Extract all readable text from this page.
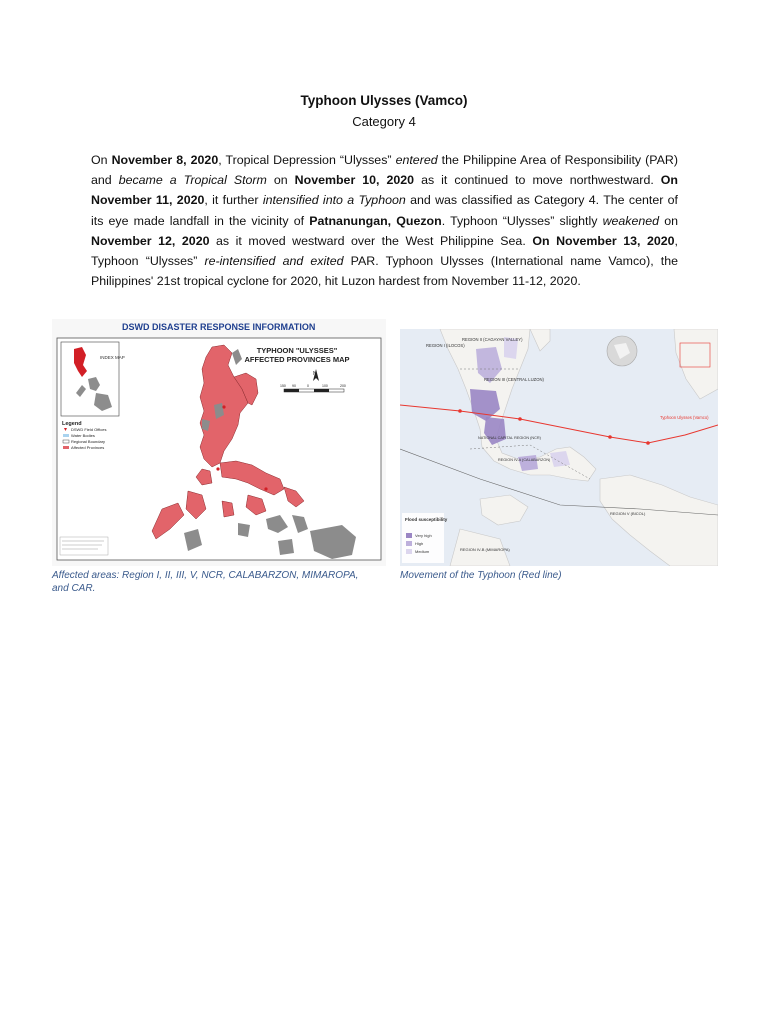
Typhoon Ulysses (Vamco)
Category 4

On November 8, 2020, Tropical Depression “Ulysses” entered the Philippine Area of Responsibility (PAR) and became a Tropical Storm on November 10, 2020 as it continued to move northwestward. On November 11, 2020, it further intensified into a Typhoon and was classified as Category 4. The center of its eye made landfall in the vicinity of Patnanungan, Quezon. Typhoon “Ulysses” slightly weakened on November 12, 2020 as it moved westward over the West Philippine Sea. On November 13, 2020, Typhoon “Ulysses” re-intensified and exited PAR. Typhoon Ulysses (International name Vamco), the Philippines' 21st tropical cyclone for 2020, hit Luzon hardest from November 11-12, 2020.

DSWD DISASTER RESPONSE INFORMATION
INDEX MAP
TYPHOON "ULYSSES"
AFFECTED PROVINCES MAP
N
150 90	0	100	200
Legend
DSWD Field Offices
Water Bodies
Regional Boundary
Affected Provinces
Affected areas: Region I, II, III, V, NCR, CALABARZON, MIMAROPA, and CAR.
REGION II (CAGAYAN VALLEY)
REGION I (ILOCOS)
REGION III (CENTRAL LUZON)
NATIONAL CAPITAL REGION (NCR)
REGION IV-A (CALABARZON)
REGION V (BICOL)
REGION IV-B (MIMAROPA)
Typhoon Ulysses (Vamco)
Flood susceptibility
Very high
High
Medium
Movement of the Typhoon (Red line)
